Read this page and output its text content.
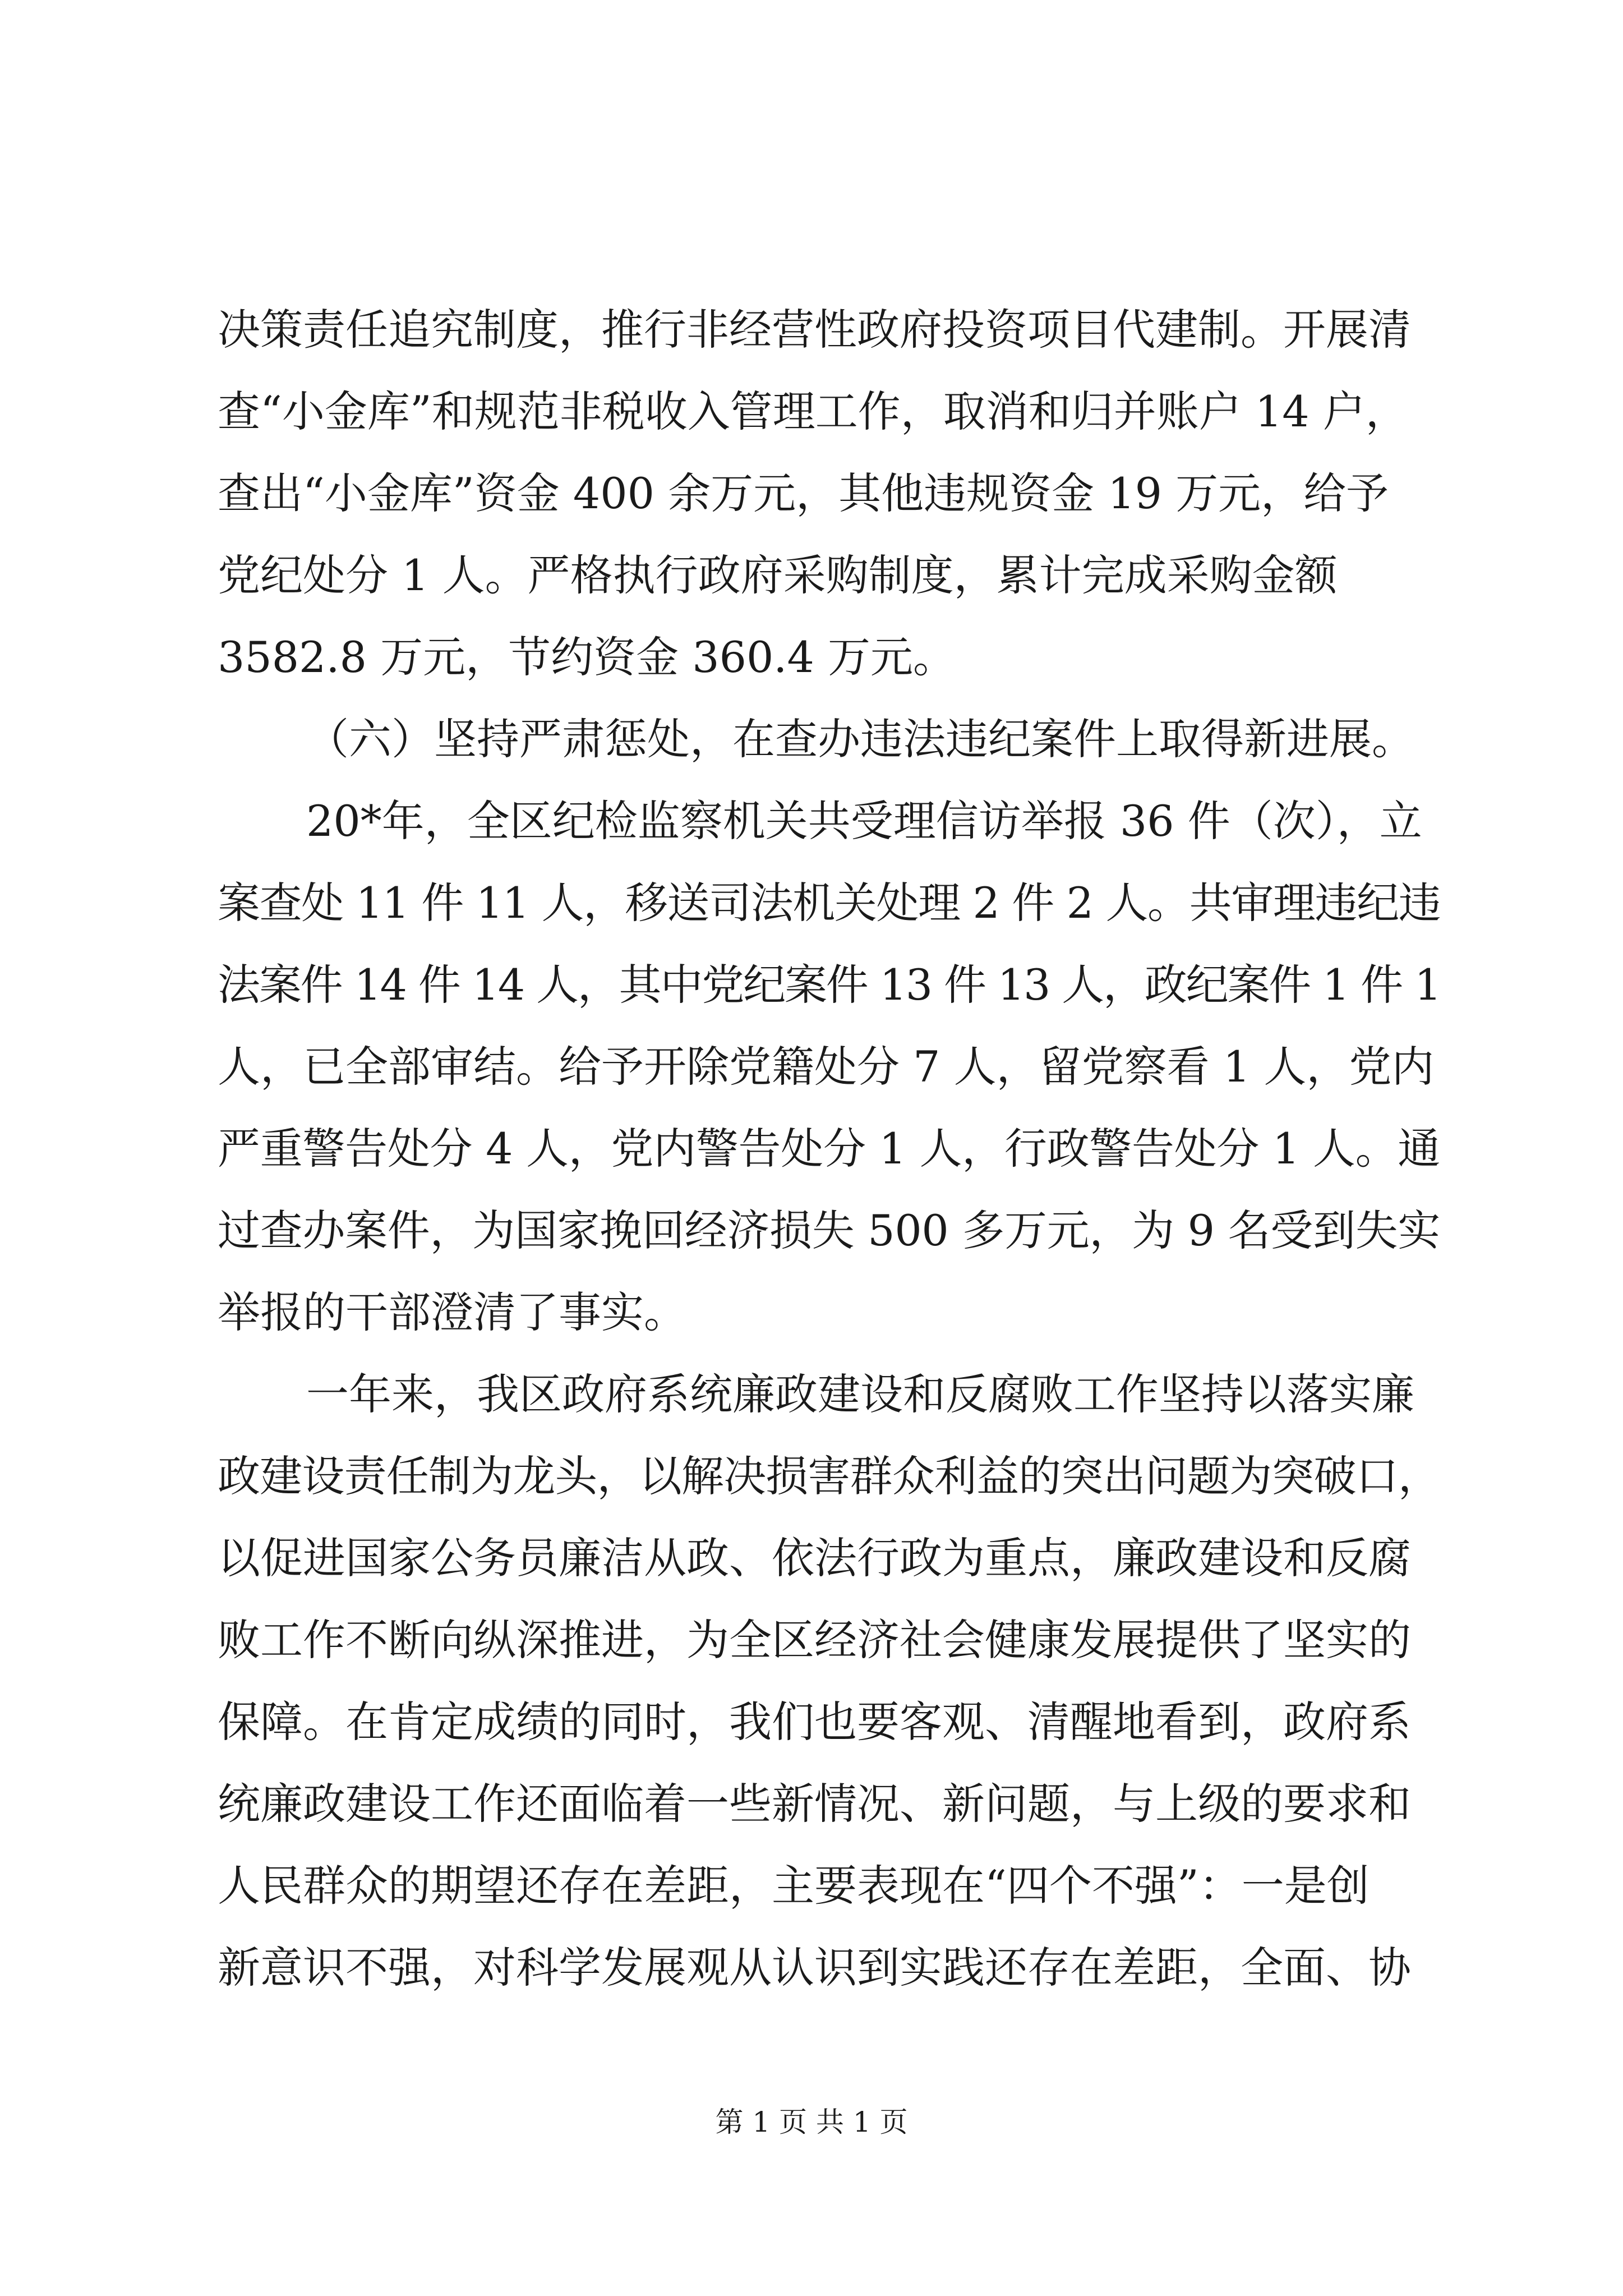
决策责任追究制度，推行非经营性政府投资项目代建制。开展清
查“小金库”和规范非税收入管理工作，取消和归并账户 14 户，
查出“小金库”资金 400 余万元，其他违规资金 19 万元，给予
党纪处分 1 人。严格执行政府采购制度，累计完成采购金额
3582.8 万元，节约资金 360.4 万元。
（六）坚持严肃惩处，在查办违法违纪案件上取得新进展。
20*年，全区纪检监察机关共受理信访举报 36 件（次），立
案查处 11 件 11 人，移送司法机关处理 2 件 2 人。共审理违纪违
法案件 14 件 14 人，其中党纪案件 13 件 13 人，政纪案件 1 件 1
人，已全部审结。给予开除党籍处分 7 人，留党察看 1 人，党内
严重警告处分 4 人，党内警告处分 1 人，行政警告处分 1 人。通
过查办案件，为国家挽回经济损失 500 多万元，为 9 名受到失实
举报的干部澄清了事实。
一年来，我区政府系统廉政建设和反腐败工作坚持以落实廉
政建设责任制为龙头，以解决损害群众利益的突出问题为突破口，
以促进国家公务员廉洁从政、依法行政为重点，廉政建设和反腐
败工作不断向纵深推进，为全区经济社会健康发展提供了坚实的
保障。在肯定成绩的同时，我们也要客观、清醒地看到，政府系
统廉政建设工作还面临着一些新情况、新问题，与上级的要求和
人民群众的期望还存在差距，主要表现在“四个不强”：一是创
新意识不强，对科学发展观从认识到实践还存在差距，全面、协
第 1 页 共 1 页
